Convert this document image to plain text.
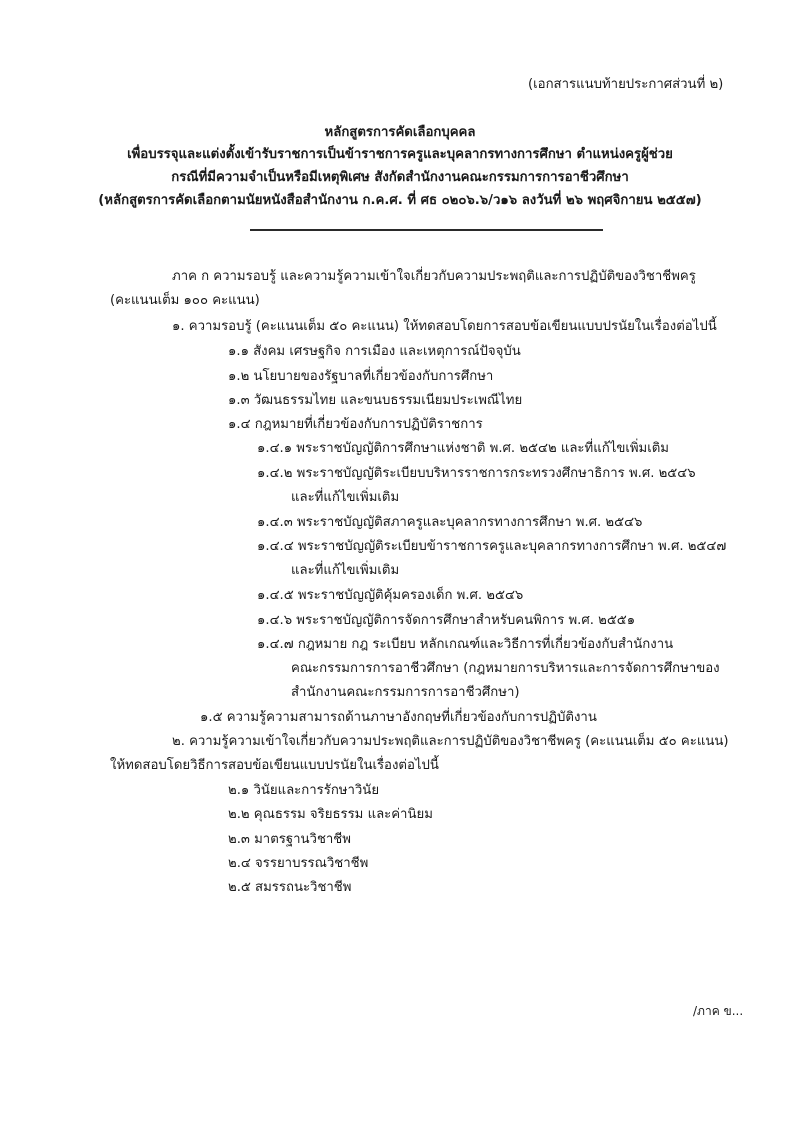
(เอกสารแนบท้ายประกาศส่วนที่ ๒)
หลักสูตรการคัดเลือกบุคคล
เพื่อบรรจุและแต่งตั้งเข้ารับราชการเป็นข้าราชการครูและบุคลากรทางการศึกษา ตำแหน่งครูผู้ช่วย
กรณีที่มีความจำเป็นหรือมีเหตุพิเศษ สังกัดสำนักงานคณะกรรมการการอาชีวศึกษา
(หลักสูตรการคัดเลือกตามนัยหนังสือสำนักงาน ก.ค.ศ. ที่ ศธ ๐๒๐๖.๖/ว๑๖ ลงวันที่ ๒๖ พฤศจิกายน ๒๕๕๗)
ภาค ก ความรอบรู้ และความรู้ความเข้าใจเกี่ยวกับความประพฤติและการปฏิบัติของวิชาชีพครู
(คะแนนเต็ม ๑๐๐ คะแนน)
๑. ความรอบรู้ (คะแนนเต็ม ๕๐ คะแนน) ให้ทดสอบโดยการสอบข้อเขียนแบบปรนัยในเรื่องต่อไปนี้
๑.๑ สังคม เศรษฐกิจ การเมือง และเหตุการณ์ปัจจุบัน
๑.๒ นโยบายของรัฐบาลที่เกี่ยวข้องกับการศึกษา
๑.๓ วัฒนธรรมไทย และขนบธรรมเนียมประเพณีไทย
๑.๔ กฎหมายที่เกี่ยวข้องกับการปฏิบัติราชการ
๑.๔.๑ พระราชบัญญัติการศึกษาแห่งชาติ พ.ศ. ๒๕๔๒ และที่แก้ไขเพิ่มเติม
๑.๔.๒ พระราชบัญญัติระเบียบบริหารราชการกระทรวงศึกษาธิการ พ.ศ. ๒๕๔๖
และที่แก้ไขเพิ่มเติม
๑.๔.๓ พระราชบัญญัติสภาครูและบุคลากรทางการศึกษา พ.ศ. ๒๕๔๖
๑.๔.๔ พระราชบัญญัติระเบียบข้าราชการครูและบุคลากรทางการศึกษา พ.ศ. ๒๕๔๗
และที่แก้ไขเพิ่มเติม
๑.๔.๕ พระราชบัญญัติคุ้มครองเด็ก พ.ศ. ๒๕๔๖
๑.๔.๖ พระราชบัญญัติการจัดการศึกษาสำหรับคนพิการ พ.ศ. ๒๕๕๑
๑.๔.๗ กฎหมาย กฎ ระเบียบ หลักเกณฑ์และวิธีการที่เกี่ยวข้องกับสำนักงาน
คณะกรรมการการอาชีวศึกษา (กฎหมายการบริหารและการจัดการศึกษาของ
สำนักงานคณะกรรมการการอาชีวศึกษา)
๑.๕ ความรู้ความสามารถด้านภาษาอังกฤษที่เกี่ยวข้องกับการปฏิบัติงาน
๒. ความรู้ความเข้าใจเกี่ยวกับความประพฤติและการปฏิบัติของวิชาชีพครู (คะแนนเต็ม ๕๐ คะแนน)
ให้ทดสอบโดยวิธีการสอบข้อเขียนแบบปรนัยในเรื่องต่อไปนี้
๒.๑ วินัยและการรักษาวินัย
๒.๒ คุณธรรม จริยธรรม และค่านิยม
๒.๓ มาตรฐานวิชาชีพ
๒.๔ จรรยาบรรณวิชาชีพ
๒.๕ สมรรถนะวิชาชีพ
/ภาค ข...
